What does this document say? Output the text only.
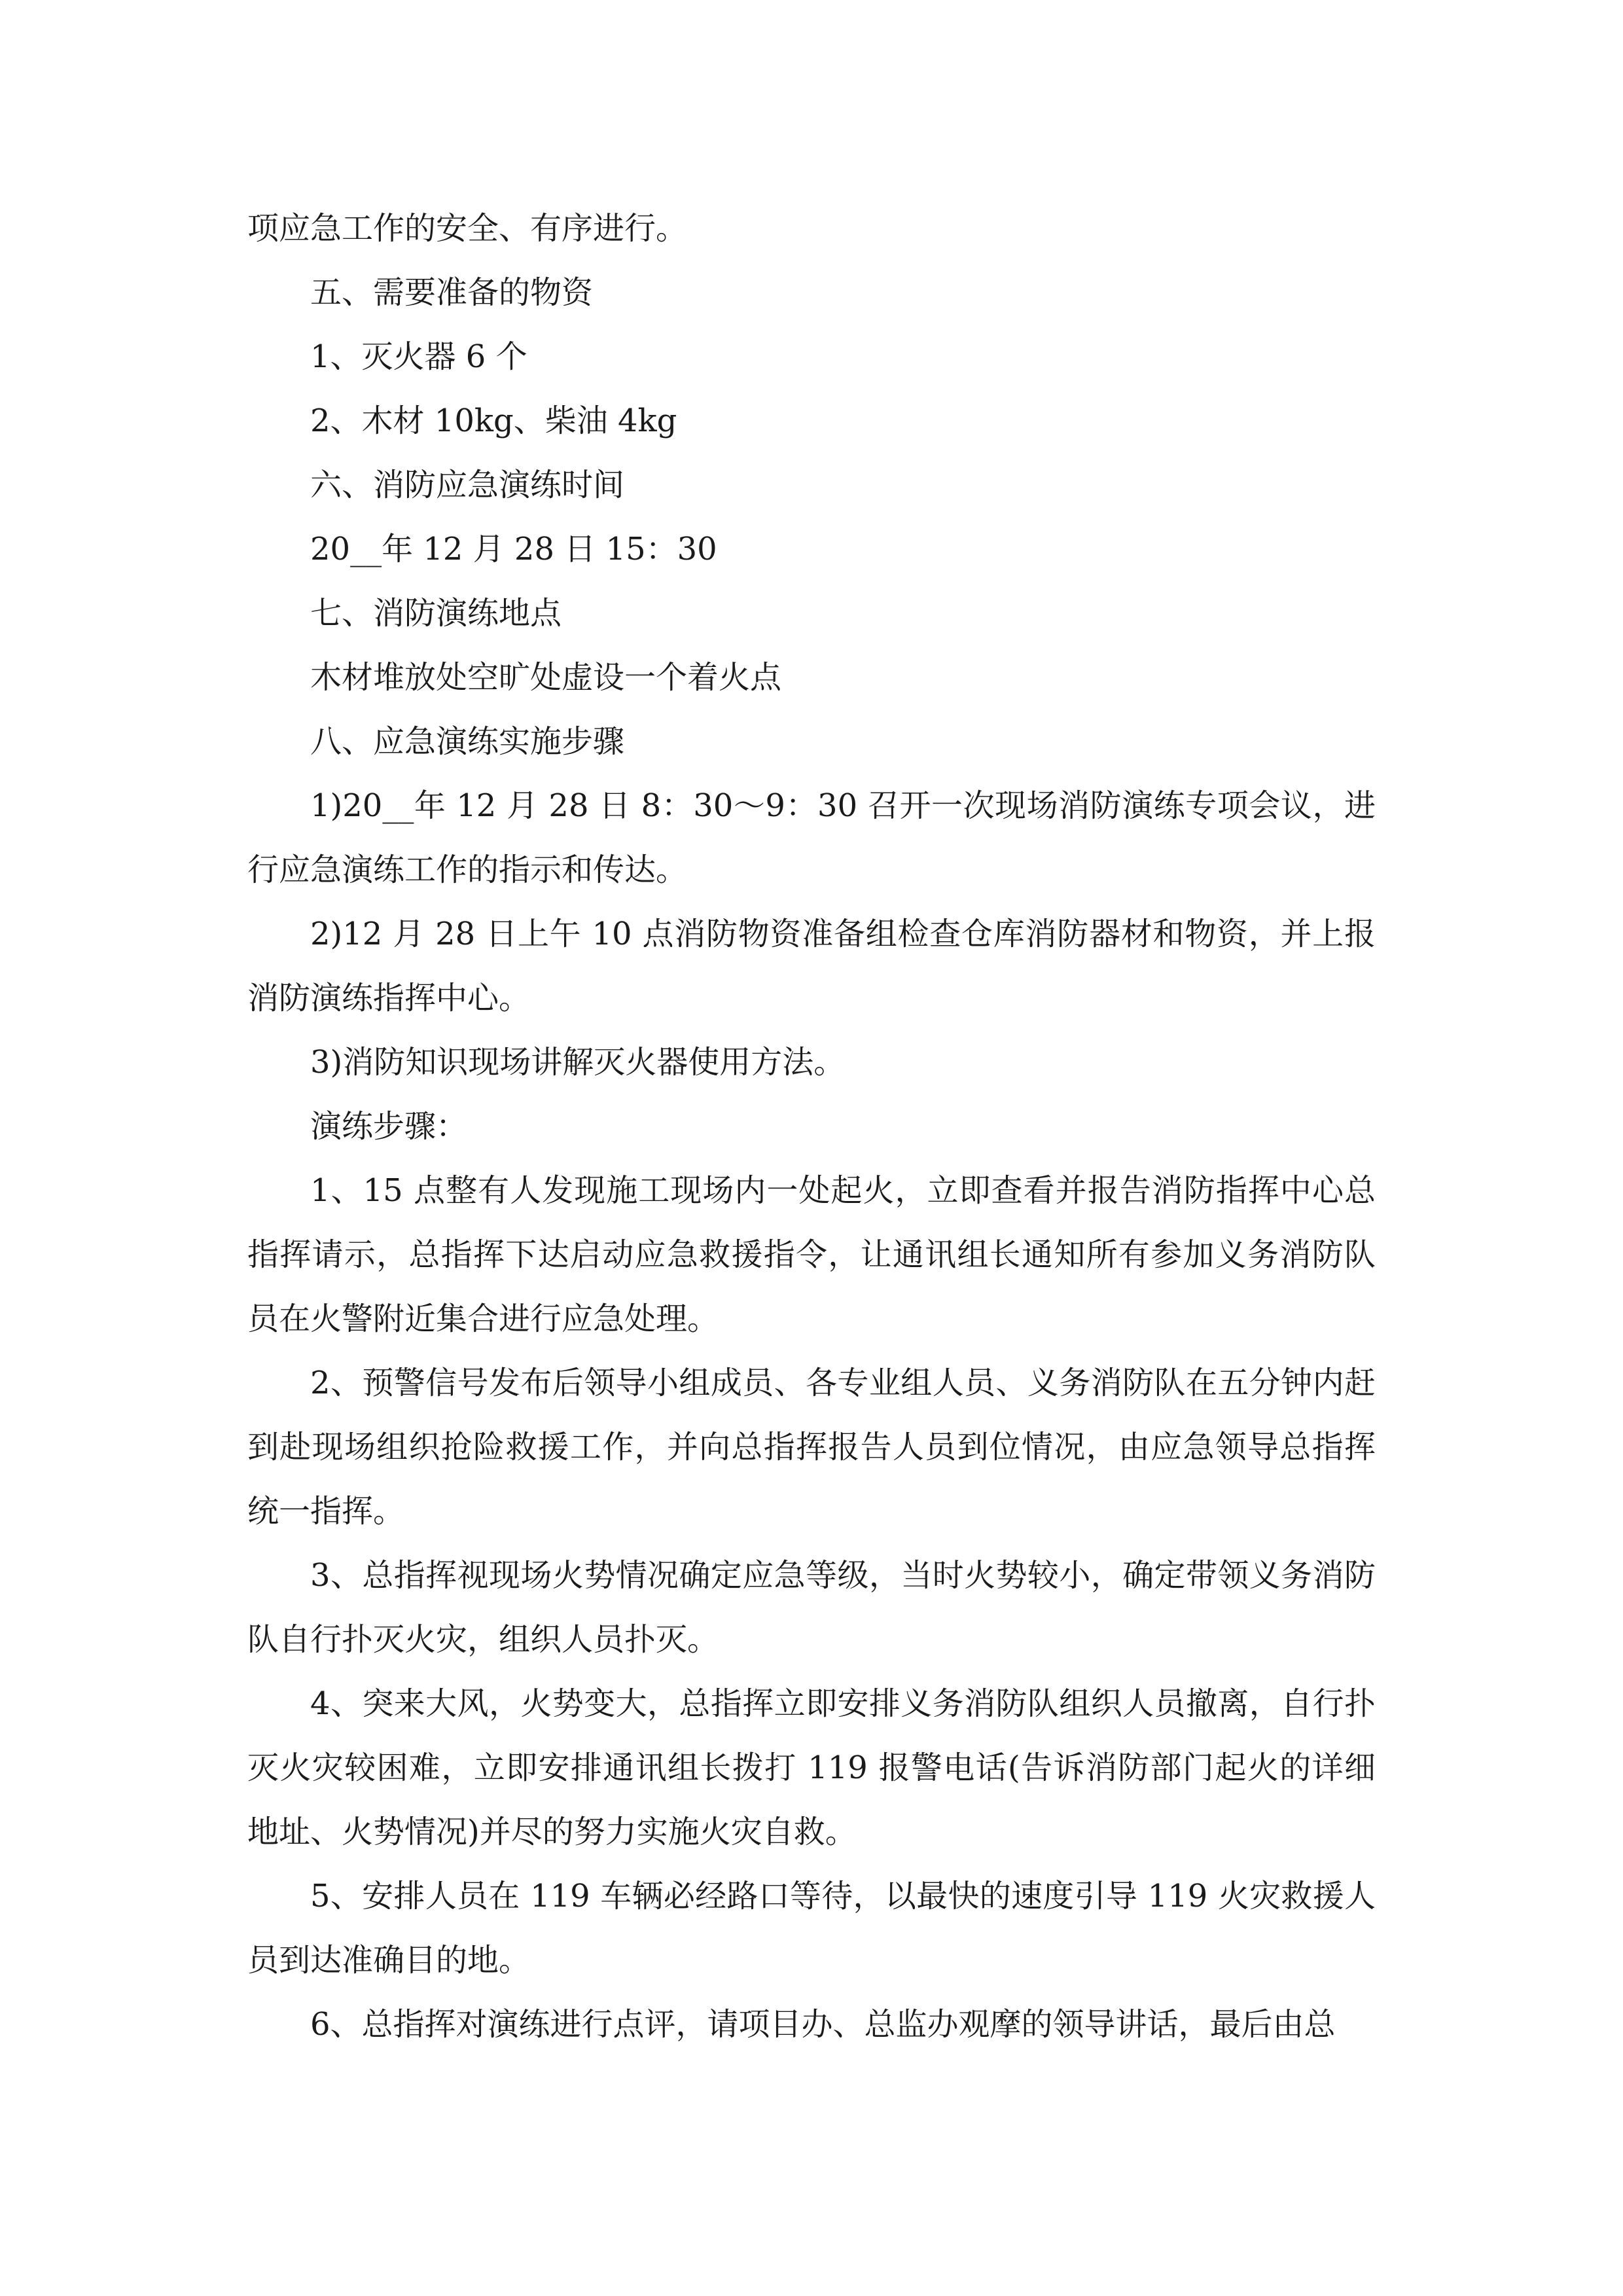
项应急工作的安全、有序进行。

五、需要准备的物资

1、灭火器 6 个

2、木材 10kg、柴油 4kg

六、消防应急演练时间

20__年 12 月 28 日 15：30

七、消防演练地点

木材堆放处空旷处虚设一个着火点

八、应急演练实施步骤

1)20__年 12 月 28 日 8：30～9：30 召开一次现场消防演练专项会议，进行应急演练工作的指示和传达。

2)12 月 28 日上午 10 点消防物资准备组检查仓库消防器材和物资，并上报消防演练指挥中心。

3)消防知识现场讲解灭火器使用方法。

演练步骤：

1、15 点整有人发现施工现场内一处起火，立即查看并报告消防指挥中心总指挥请示，总指挥下达启动应急救援指令，让通讯组长通知所有参加义务消防队员在火警附近集合进行应急处理。

2、预警信号发布后领导小组成员、各专业组人员、义务消防队在五分钟内赶到赴现场组织抢险救援工作，并向总指挥报告人员到位情况，由应急领导总指挥统一指挥。

3、总指挥视现场火势情况确定应急等级，当时火势较小，确定带领义务消防队自行扑灭火灾，组织人员扑灭。

4、突来大风，火势变大，总指挥立即安排义务消防队组织人员撤离，自行扑灭火灾较困难，立即安排通讯组长拨打 119 报警电话(告诉消防部门起火的详细地址、火势情况)并尽的努力实施火灾自救。

5、安排人员在 119 车辆必经路口等待，以最快的速度引导 119 火灾救援人员到达准确目的地。

6、总指挥对演练进行点评，请项目办、总监办观摩的领导讲话，最后由总
